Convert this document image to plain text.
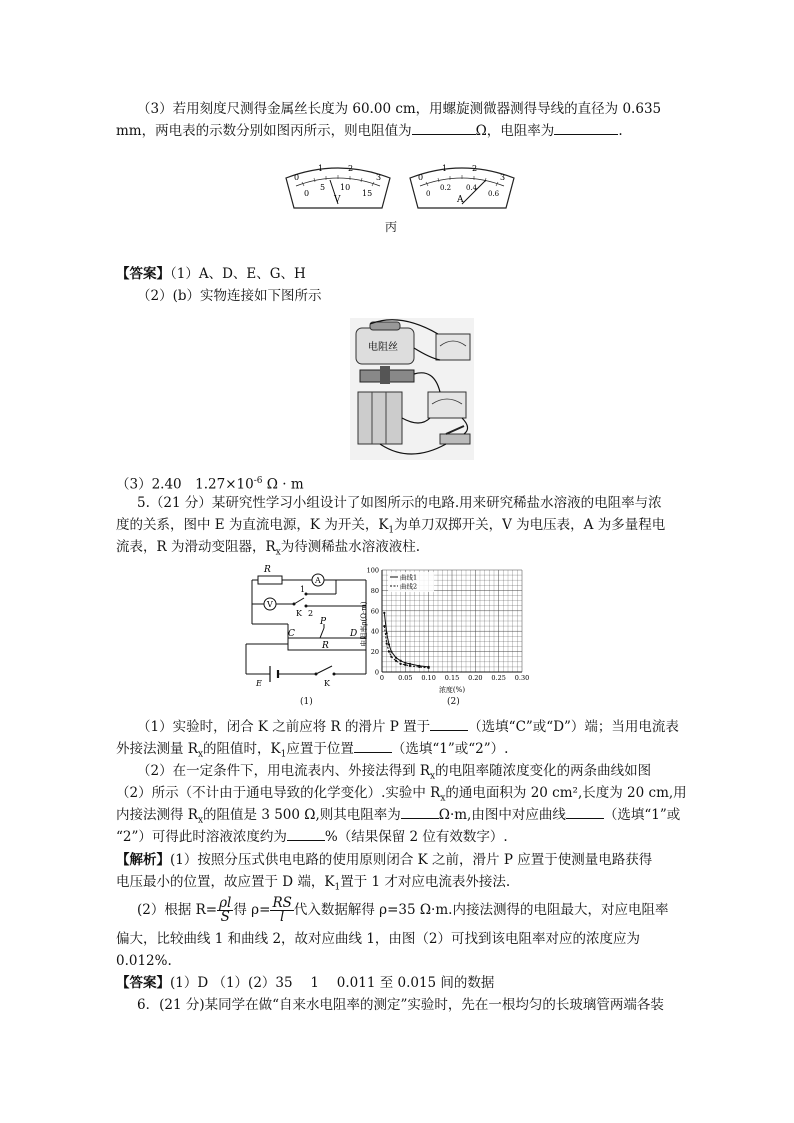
（3）若用刻度尺测得金属丝长度为 60.00 cm，用螺旋测微器测得导线的直径为 0.635
mm，两电表的示数分别如图丙所示，则电阻值为	Ω，电阻率为	.
0
1	2
3
0
5 10
15
V
0
1	2
3
0
0.2 0.4
0.6
A
丙
【答案】（1）A、D、E、G、H
（2）(b）实物连接如下图所示
电阻丝
（3）2.40　$1.27\times 10^{-6}$ Ω · m
5.（21 分）某研究性学习小组设计了如图所示的电路.用来研究稀盐水溶液的电阻率与浓
度的关系，图中 E 为直流电源，K 为开关，$K_1$为单刀双掷开关，V 为电压表，A 为多量程电
流表，R 为滑动变阻器，$R_x$为待测稀盐水溶液液柱.
R
A
V
1
K 2
C
P
D
R
E	K
(1)
0 0.05 0.10 0.15 0.20 0.25 0.30
0
20
40
60
80
100
电阻率ρ(Ω·m)
浓度(%)
曲线1
曲线2
(2)
（1）实验时，闭合 K 之前应将 R 的滑片 P 置于	（选填“C”或“D”）端；当用电流表
外接法测量 $R_x$的阻值时，$K_1$应置于位置	（选填“1”或“2”）.
（2）在一定条件下，用电流表内、外接法得到 $R_x$的电阻率随浓度变化的两条曲线如图
（2）所示（不计由于通电导致的化学变化）.实验中 $R_x$的通电面积为 20 cm²,长度为 20 cm,用
内接法测得 $R_x$的阻值是 3 500 Ω,则其电阻率为	Ω·m,由图中对应曲线	（选填“1”或
“2”）可得此时溶液浓度约为	%（结果保留 2 位有效数字）.
【解析】(1）按照分压式供电电路的使用原则闭合 K 之前，滑片 P 应置于使测量电路获得
电压最小的位置，故应置于 D 端，$K_1$置于 1 才对应电流表外接法.
(2）根据 $R= \frac{\rho l}{S}$ 得 $\rho= \frac{RS}{l}$ 代入数据解得 ρ=35 Ω·m.内接法测得的电阻最大，对应电阻率
偏大，比较曲线 1 和曲线 2，故对应曲线 1，由图（2）可找到该电阻率对应的浓度应为
0.012%.
【答案】(1）D （1）(2）35　 1　 0.011 至 0.015 间的数据
6．(21 分)某同学在做“自来水电阻率的测定”实验时，先在一根均匀的长玻璃管两端各装
